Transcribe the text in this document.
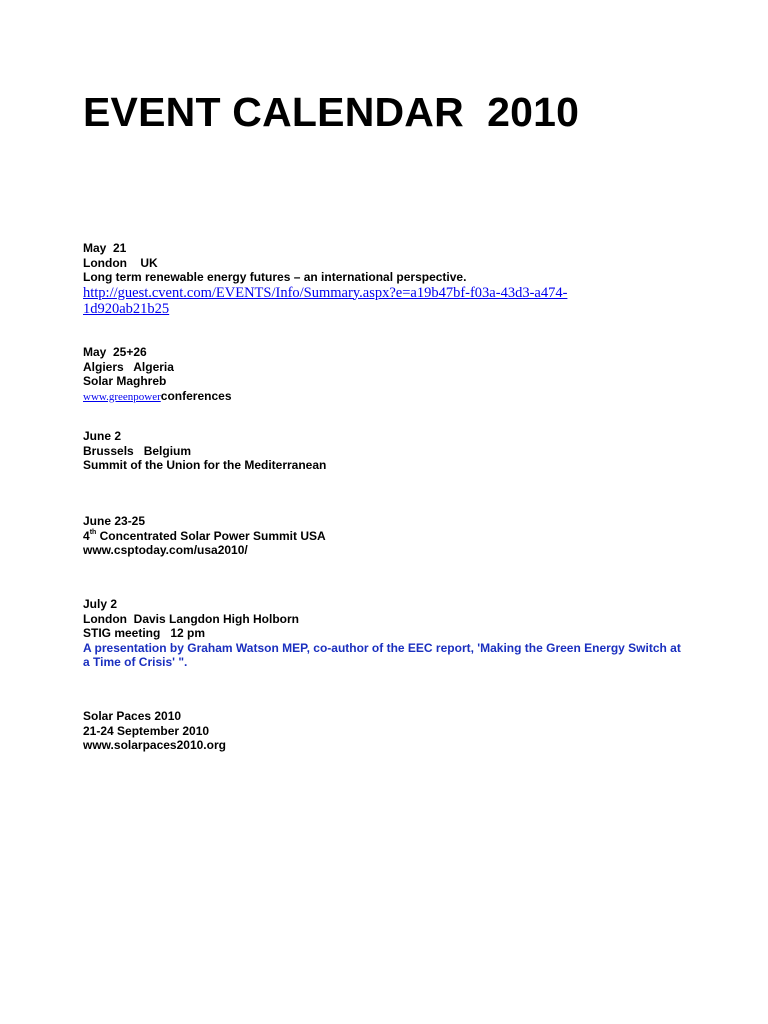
EVENT CALENDAR  2010
May  21
London    UK
Long term renewable energy futures – an international perspective.
http://guest.cvent.com/EVENTS/Info/Summary.aspx?e=a19b47bf-f03a-43d3-a474-
1d920ab21b25
May  25+26
Algiers   Algeria
Solar Maghreb
www.greenpowerconferences
June 2
Brussels   Belgium
Summit of the Union for the Mediterranean
June 23-25
4th Concentrated Solar Power Summit USA
www.csptoday.com/usa2010/
July 2
London  Davis Langdon High Holborn
STIG meeting   12 pm
A presentation by Graham Watson MEP, co-author of the EEC report, 'Making the Green Energy Switch at a Time of Crisis' ".
Solar Paces 2010
21-24 September 2010
www.solarpaces2010.org
